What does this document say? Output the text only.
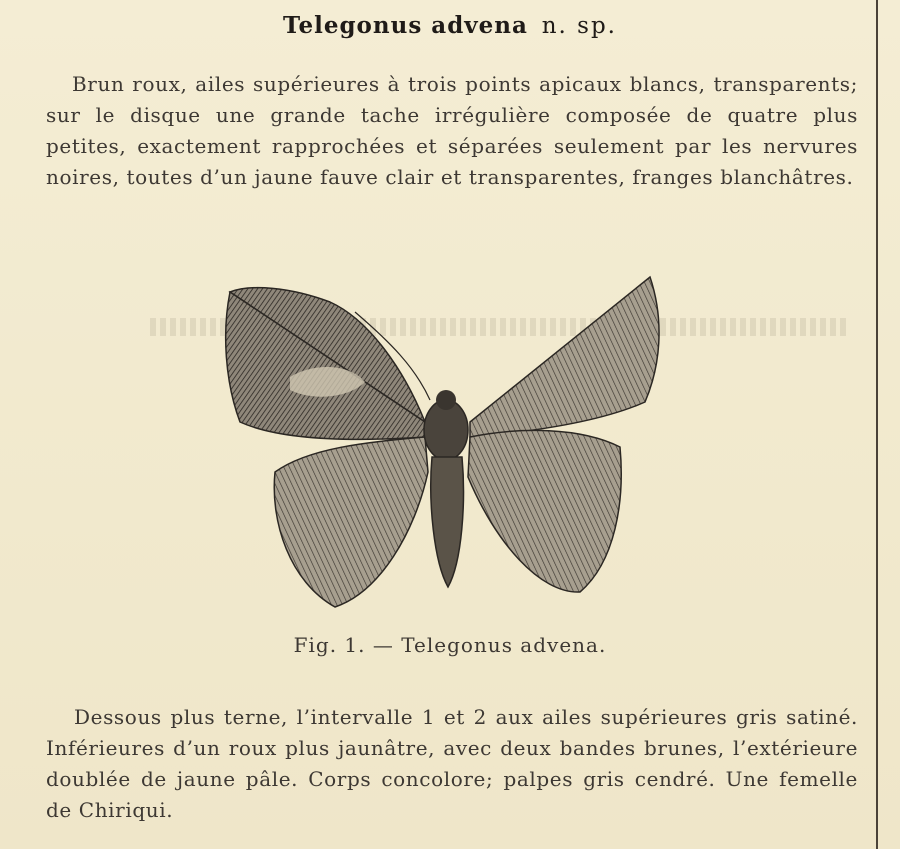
Telegonus advena n. sp.
Brun roux, ailes supérieures à trois points apicaux blancs, transparents; sur le disque une grande tache irrégulière composée de quatre plus petites, exactement rapprochées et séparées seulement par les nervures noires, toutes d’un jaune fauve clair et transparentes, franges blanchâtres.
Fig. 1. — Telegonus advena.
Dessous plus terne, l’intervalle 1 et 2 aux ailes supérieures gris satiné. Inférieures d’un roux plus jaunâtre, avec deux bandes brunes, l’extérieure doublée de jaune pâle. Corps concolore; palpes gris cendré. Une femelle de Chiriqui.
